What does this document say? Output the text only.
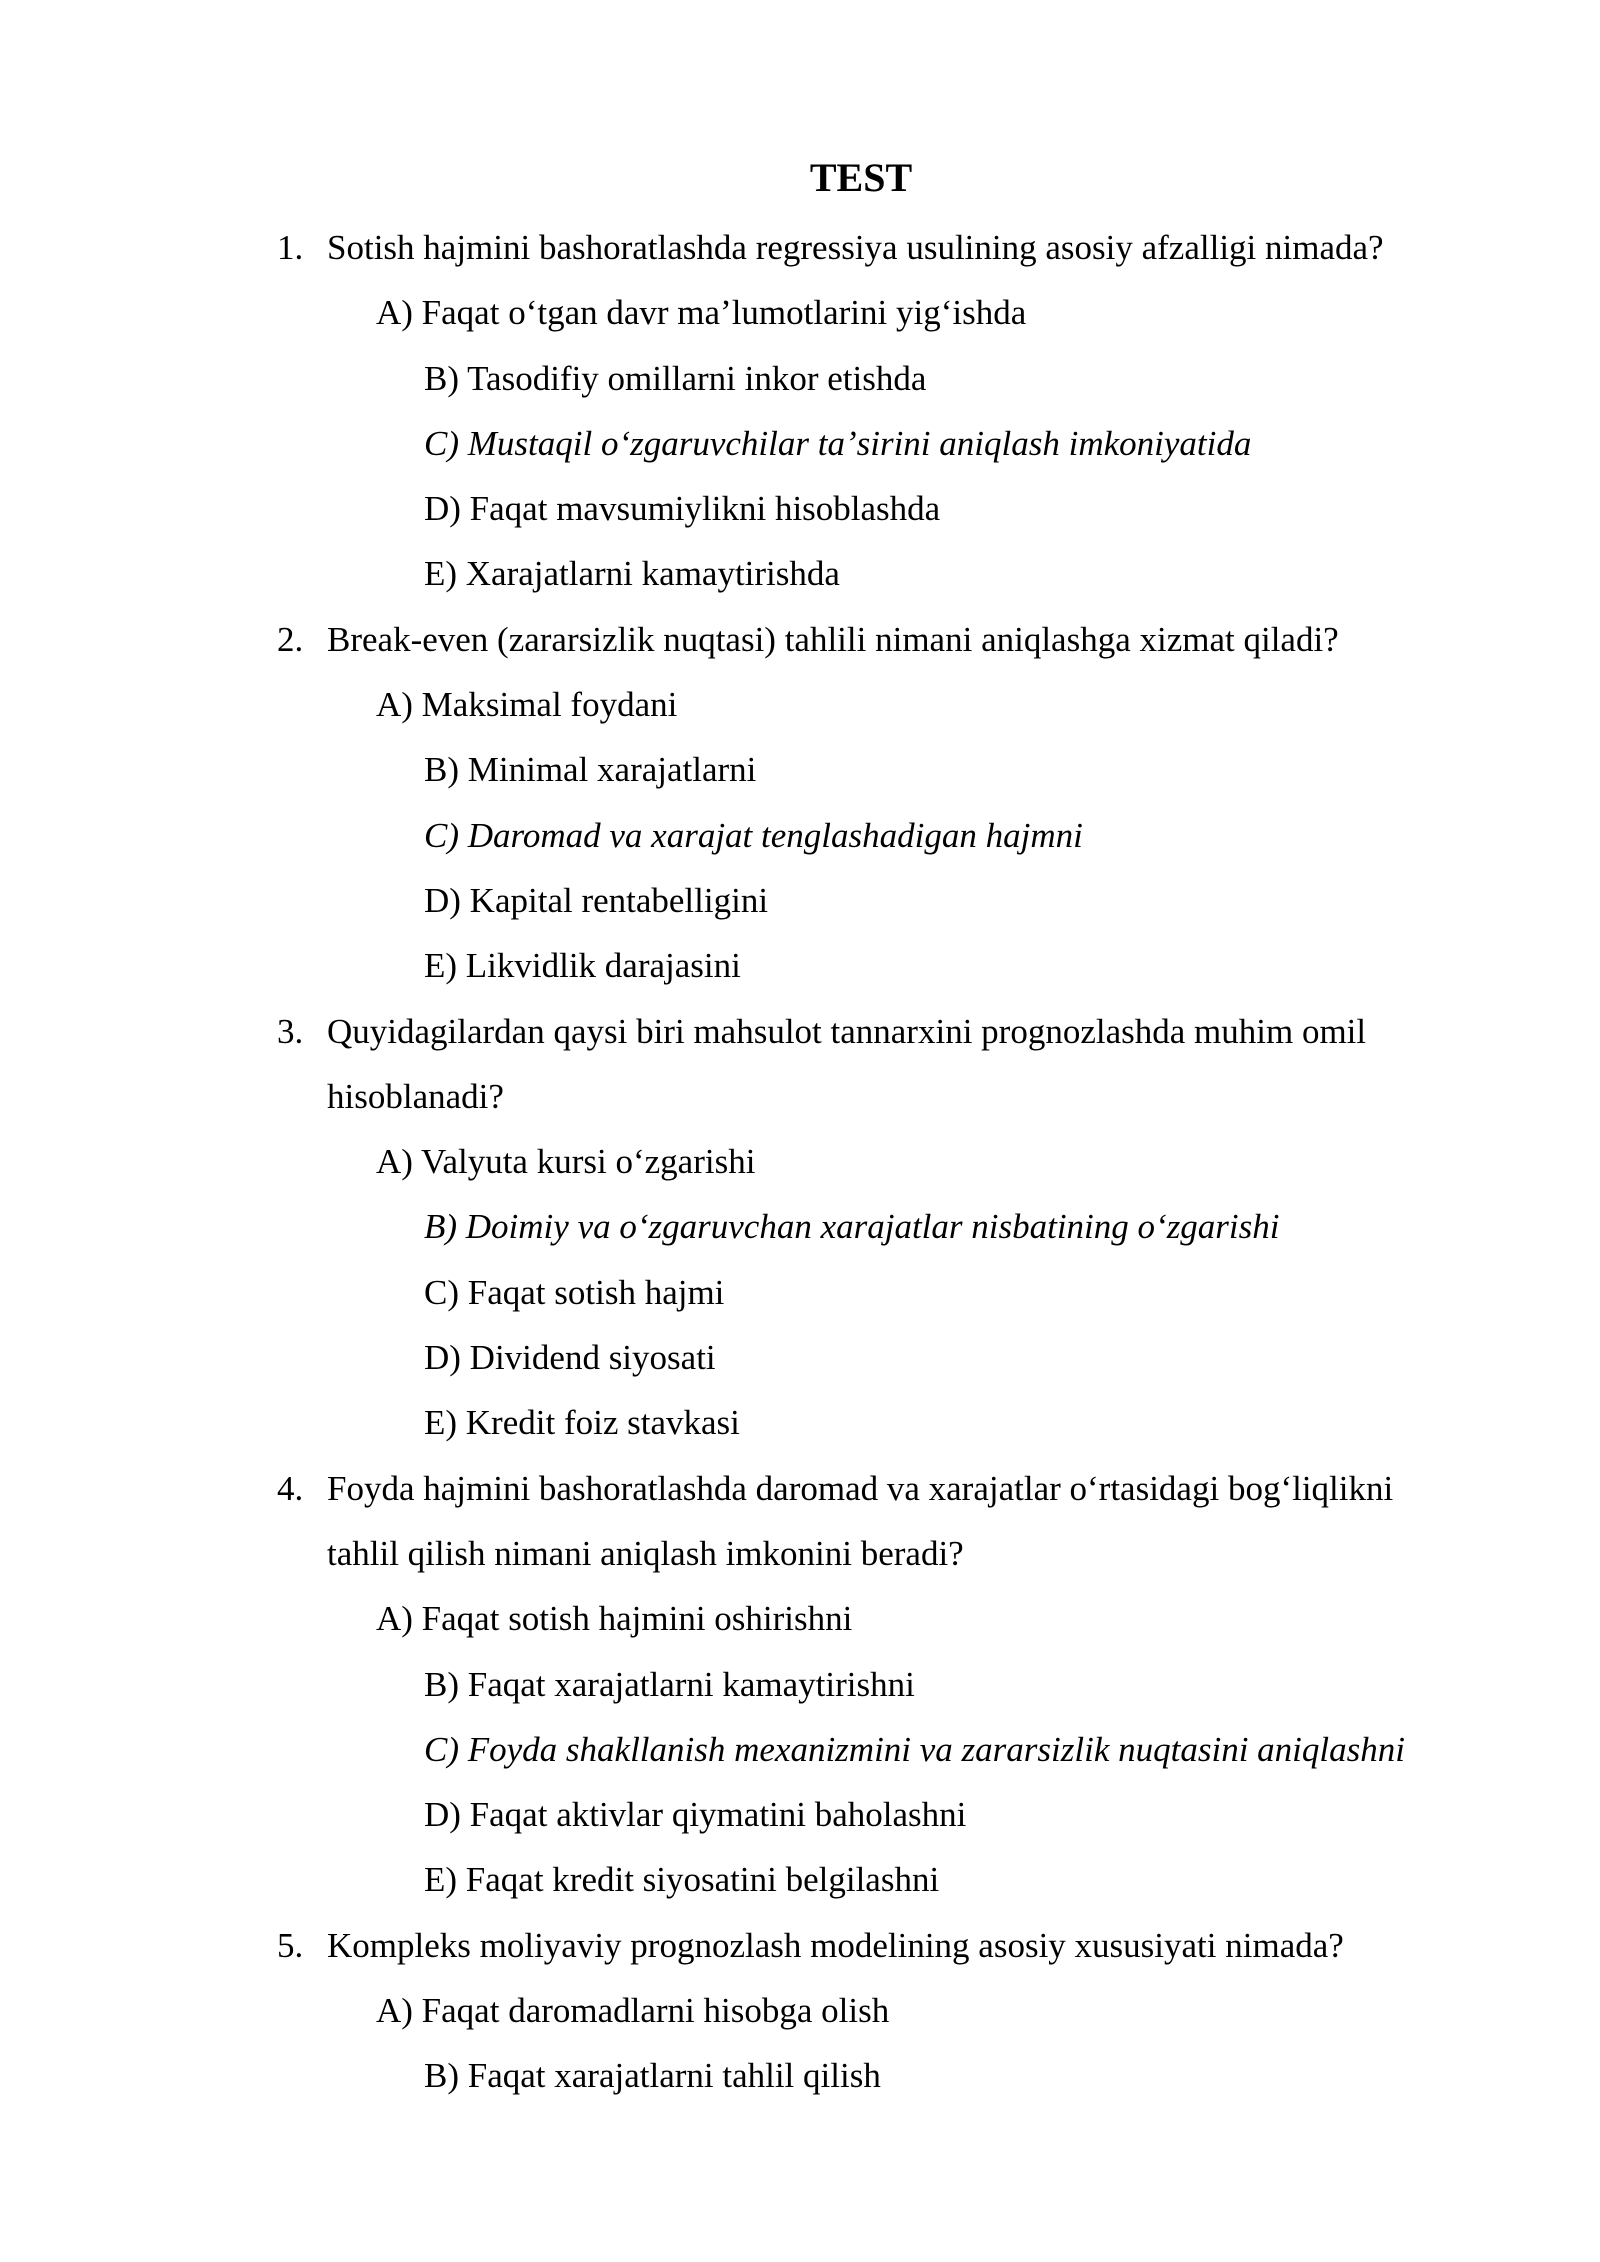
TEST
1. Sotish hajmini bashoratlashda regressiya usulining asosiy afzalligi nimada?
A) Faqat oʻtgan davr maʼlumotlarini yigʻishda
B) Tasodifiy omillarni inkor etishda
C) Mustaqil oʻzgaruvchilar taʼsirini aniqlash imkoniyatida
D) Faqat mavsumiylikni hisoblashda
E) Xarajatlarni kamaytirishda
2. Break-even (zararsizlik nuqtasi) tahlili nimani aniqlashga xizmat qiladi?
A) Maksimal foydani
B) Minimal xarajatlarni
C) Daromad va xarajat tenglashadigan hajmni
D) Kapital rentabelligini
E) Likvidlik darajasini
3. Quyidagilardan qaysi biri mahsulot tannarxini prognozlashda muhim omil
hisoblanadi?
A) Valyuta kursi oʻzgarishi
B) Doimiy va oʻzgaruvchan xarajatlar nisbatining oʻzgarishi
C) Faqat sotish hajmi
D) Dividend siyosati
E) Kredit foiz stavkasi
4. Foyda hajmini bashoratlashda daromad va xarajatlar oʻrtasidagi bogʻliqlikni
tahlil qilish nimani aniqlash imkonini beradi?
A) Faqat sotish hajmini oshirishni
B) Faqat xarajatlarni kamaytirishni
C) Foyda shakllanish mexanizmini va zararsizlik nuqtasini aniqlashni
D) Faqat aktivlar qiymatini baholashni
E) Faqat kredit siyosatini belgilashni
5. Kompleks moliyaviy prognozlash modelining asosiy xususiyati nimada?
A) Faqat daromadlarni hisobga olish
B) Faqat xarajatlarni tahlil qilish
